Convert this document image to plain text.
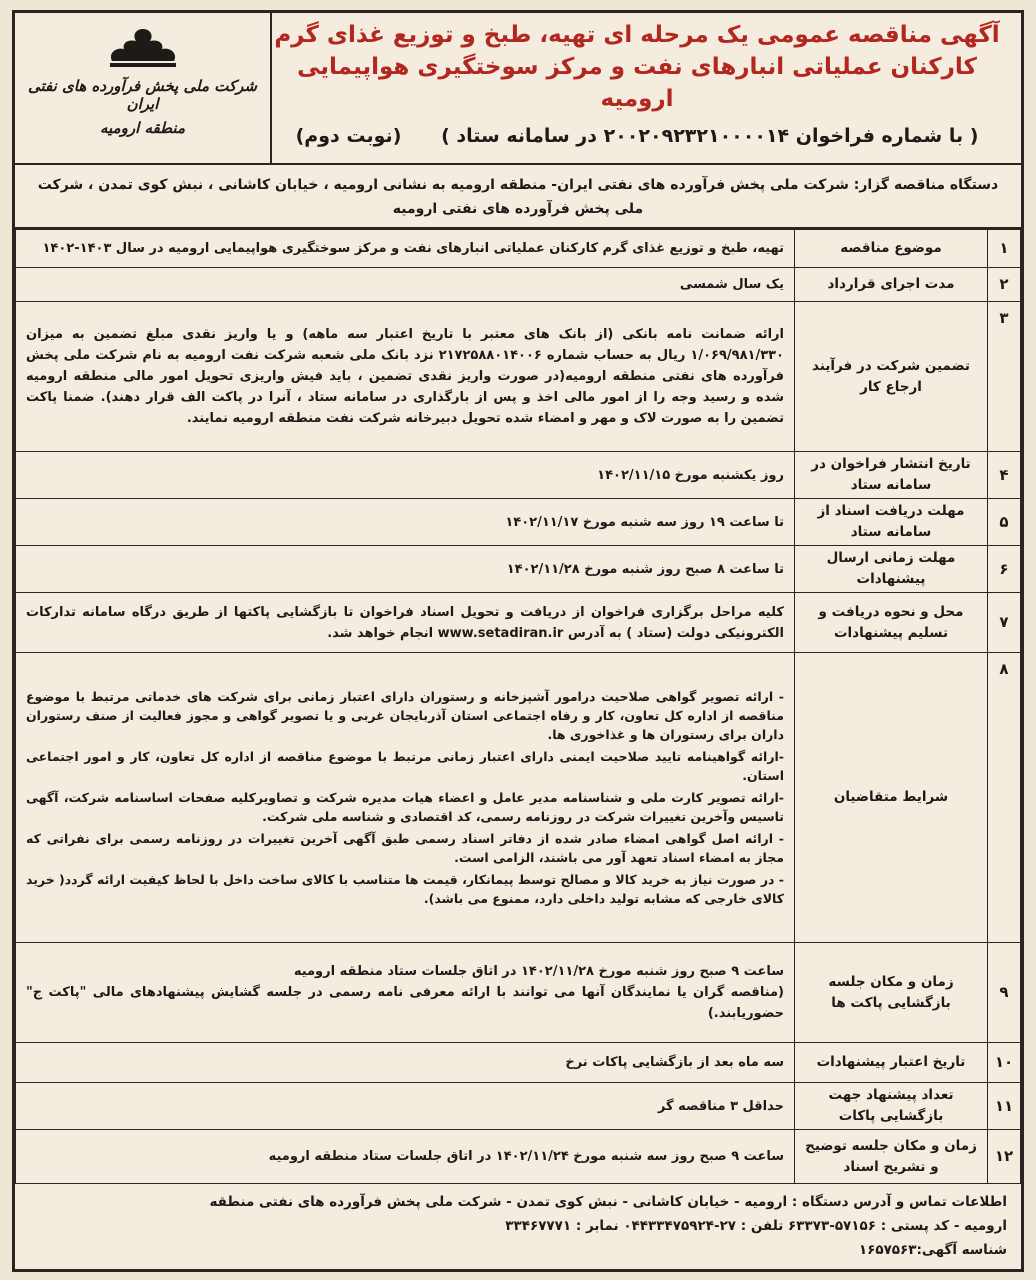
آگهی مناقصه عمومی یک مرحله ای تهیه، طبخ و توزیع غذای گرم
کارکنان عملیاتی انبارهای نفت و مرکز سوختگیری هواپیمایی ارومیه
( با شماره فراخوان ۲۰۰۲۰۹۲۳۲۱۰۰۰۰۱۴ در سامانه ستاد )      (نوبت دوم)
شرکت ملی پخش فرآورده های نفتی ایران
منطقه ارومیه
دستگاه مناقصه گزار: شرکت ملی پخش فرآورده های نفتی ایران- منطقه ارومیه به نشانی ارومیه ، خیابان کاشانی ، نبش کوی تمدن ، شرکت ملی پخش فرآورده های نفتی ارومیه
۱	موضوع مناقصه	تهیه، طبخ و توزیع غذای گرم کارکنان عملیاتی انبارهای نفت و مرکز سوختگیری هواپیمایی ارومیه در سال ۱۴۰۳-۱۴۰۲
۲	مدت اجرای قرارداد	یک سال شمسی
۳	تضمین شرکت در فرآیند ارجاع کار	ارائه ضمانت نامه بانکی (از بانک های معتبر با تاریخ اعتبار سه ماهه) و یا واریز نقدی مبلغ تضمین به میزان ۱/۰۶۹/۹۸۱/۳۳۰ ریال به حساب شماره ۲۱۷۲۵۸۸۰۱۴۰۰۶ نزد بانک ملی شعبه شرکت نفت ارومیه به نام شرکت ملی پخش فرآورده های نفتی منطقه ارومیه(در صورت واریز نقدی تضمین ، باید فیش واریزی تحویل امور مالی منطقه ارومیه شده و رسید وجه را از امور مالی اخذ و پس از بارگذاری در سامانه ستاد ، آنرا در پاکت الف قرار دهند). ضمنا پاکت تضمین را به صورت لاک و مهر و امضاء شده تحویل دبیرخانه شرکت نفت منطقه ارومیه نمایند.
۴	تاریخ انتشار فراخوان در سامانه ستاد	روز یکشنبه مورخ ۱۴۰۲/۱۱/۱۵
۵	مهلت دریافت اسناد از سامانه ستاد	تا ساعت ۱۹ روز سه شنبه مورخ ۱۴۰۲/۱۱/۱۷
۶	مهلت زمانی ارسال پیشنهادات	تا ساعت ۸ صبح روز شنبه مورخ ۱۴۰۲/۱۱/۲۸
۷	محل و نحوه دریافت و تسلیم پیشنهادات	کلیه مراحل برگزاری فراخوان از دریافت و تحویل اسناد فراخوان تا بازگشایی پاکتها از طریق درگاه سامانه تدارکات الکترونیکی دولت (ستاد ) به آدرس www.setadiran.ir انجام خواهد شد.
۸	شرایط متقاضیان	- ارائه تصویر گواهی صلاحیت درامور آشپزخانه و رستوران دارای اعتبار زمانی برای شرکت های خدماتی مرتبط با موضوع مناقصه از اداره کل تعاون، کار و رفاه اجتماعی استان آذربایجان غربی و یا تصویر گواهی و مجوز فعالیت از صنف رستوران داران برای رستوران ها و غذاخوری ها.

-ارائه گواهینامه تایید صلاحیت ایمنی دارای اعتبار زمانی مرتبط با موضوع مناقصه از اداره کل تعاون، کار و امور اجتماعی استان.

-ارائه تصویر کارت ملی و شناسنامه مدیر عامل و اعضاء هیات مدیره شرکت و تصاویرکلیه صفحات اساسنامه شرکت، آگهی تاسیس وآخرین تغییرات شرکت در روزنامه رسمی، کد اقتصادی و شناسه ملی شرکت.

- ارائه اصل گواهی امضاء صادر شده از دفاتر اسناد رسمی طبق آگهی آخرین تغییرات در روزنامه رسمی برای نفراتی که مجاز به امضاء اسناد تعهد آور می باشند، الزامی است.

- در صورت نیاز به خرید کالا و مصالح توسط پیمانکار، قیمت ها متناسب با کالای ساخت داخل با لحاظ کیفیت ارائه گردد( خرید کالای خارجی که مشابه تولید داخلی دارد، ممنوع می باشد).

۹	زمان و مکان جلسه بازگشایی پاکت ها	ساعت ۹ صبح روز شنبه مورخ ۱۴۰۲/۱۱/۲۸ در اتاق جلسات ستاد منطقه ارومیه
(مناقصه گران یا نمایندگان آنها می توانند با ارائه معرفی نامه رسمی در جلسه گشایش پیشنهادهای مالی "پاکت ج" حضوریابند.)

۱۰	تاریخ اعتبار پیشنهادات	سه ماه بعد از بازگشایی پاکات نرخ
۱۱	تعداد پیشنهاد جهت بازگشایی پاکات	حداقل ۳ مناقصه گر
۱۲	زمان و مکان جلسه توضیح و تشریح اسناد	ساعت ۹ صبح روز سه شنبه مورخ ۱۴۰۲/۱۱/۲۴ در اتاق جلسات ستاد منطقه ارومیه
اطلاعات تماس و آدرس دستگاه : ارومیه - خیابان کاشانی - نبش کوی تمدن - شرکت ملی پخش فرآورده های نفتی منطقه
ارومیه - کد پستی : ۵۷۱۵۶-۶۳۳۷۳ تلفن : ۲۷-۰۴۴۳۳۴۷۵۹۲۴ نمابر : ۳۳۴۶۷۷۷۱
شناسه آگهی:۱۶۵۷۵۶۳
